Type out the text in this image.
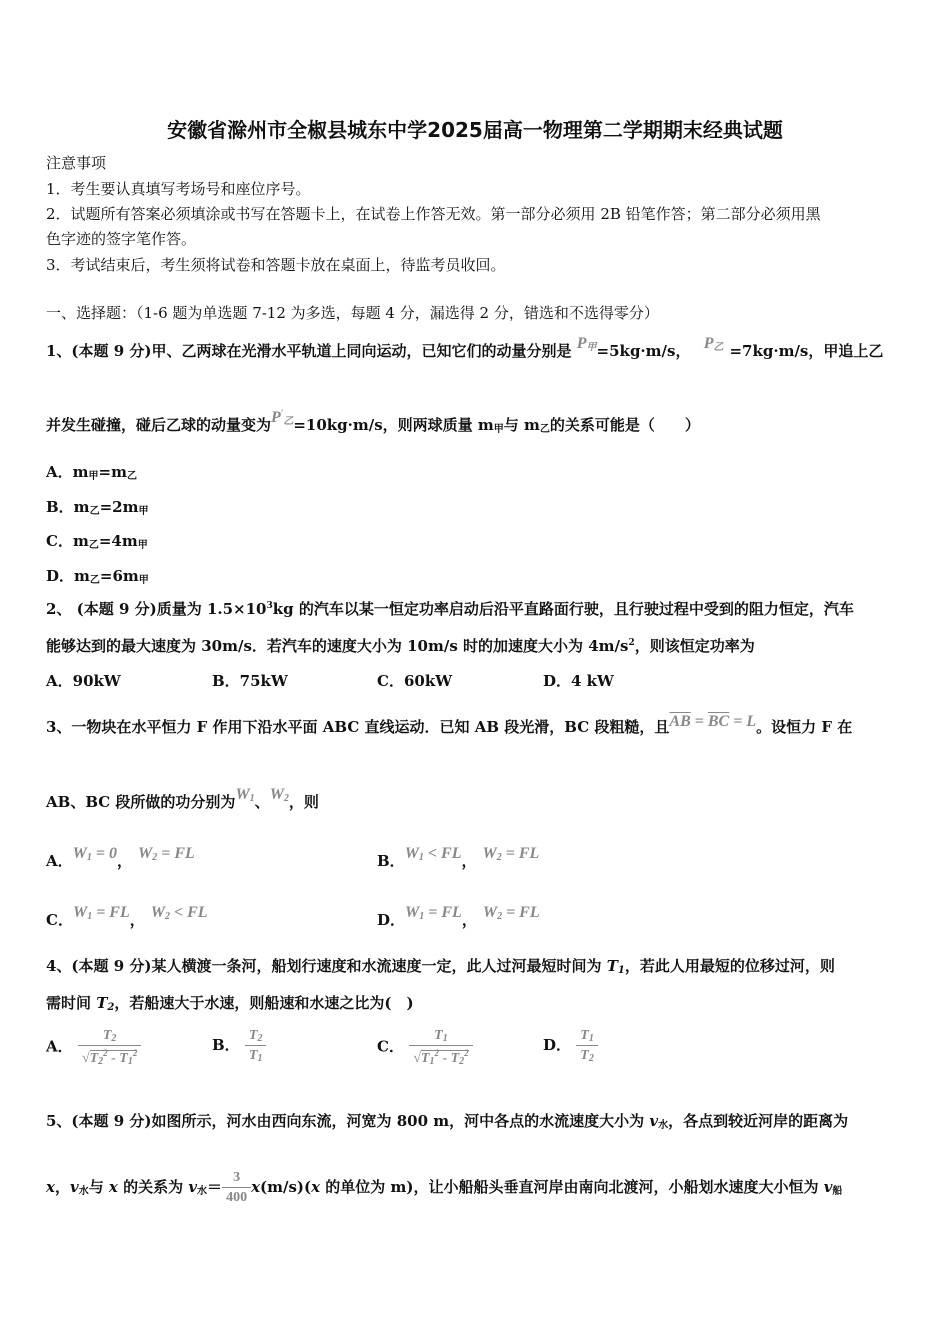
安徽省滁州市全椒县城东中学2025届高一物理第二学期期末经典试题
注意事项
1．考生要认真填写考场号和座位序号。
2．试题所有答案必须填涂或书写在答题卡上，在试卷上作答无效。第一部分必须用 2B 铅笔作答；第二部分必须用黑
色字迹的签字笔作答。
3．考试结束后，考生须将试卷和答题卡放在桌面上，待监考员收回。
一、选择题：（1-6 题为单选题 7-12 为多选，每题 4 分，漏选得 2 分，错选和不选得零分）
1、(本题 9 分)甲、乙两球在光滑水平轨道上同向运动，已知它们的动量分别是 $P_甲=5kg\cdot m/s$， $P_乙 =7kg\cdot m/s$，甲追上乙
并发生碰撞，碰后乙球的动量变为$P'_乙=10kg\cdot m/s$，则两球质量 $m_甲$与 $m_乙$的关系可能是（　　）
A．$m_甲=m_乙$
B．$m_乙=2m_甲$
C．$m_乙=4m_甲$
D．$m_乙=6m_甲$
2、 (本题 9 分)质量为 $1.5\times 10^3kg$ 的汽车以某一恒定功率启动后沿平直路面行驶，且行驶过程中受到的阻力恒定，汽车
能够达到的最大速度为 30m/s．若汽车的速度大小为 10m/s 时的加速度大小为 $4m/s^2$，则该恒定功率为
A．90kW	B．75kW	C．60kW	D．4 kW
3、一物块在水平恒力 F 作用下沿水平面 ABC 直线运动．已知 AB 段光滑，BC 段粗糙，且$\overline{AB} = \overline{BC} = L$。设恒力 F 在
AB、BC 段所做的功分别为$W_1$、$W_2$，则
A．$W_1 = 0$， $W_2$ = FL	B．$W_1$ < FL， $W_2$ = FL
C．$W_1$ = FL， $W_2$ < FL	D．$W_1$ = FL， $W_2$ = FL
4、(本题 9 分)某人横渡一条河，船划行速度和水流速度一定，此人过河最短时间为 $T_1$，若此人用最短的位移过河，则
需时间 $T_2$，若船速大于水速，则船速和水速之比为(　)
A． $\frac{T_2}{√T_2^2 - T_1^2}$	B． $\frac{T_2}{T_1}$	C． $\frac{T_1}{√T_1^2 - T_2^2}$	D． $\frac{T_1}{T_2}$
5、(本题 9 分)如图所示，河水由西向东流，河宽为 800 m，河中各点的水流速度大小为 $v_水$，各点到较近河岸的距离为
x，$v_水$与 x 的关系为 $v_水= \frac{3}{400} x(m/s)(x$ 的单位为 m)，让小船船头垂直河岸由南向北渡河，小船划水速度大小恒为 $v_船$
